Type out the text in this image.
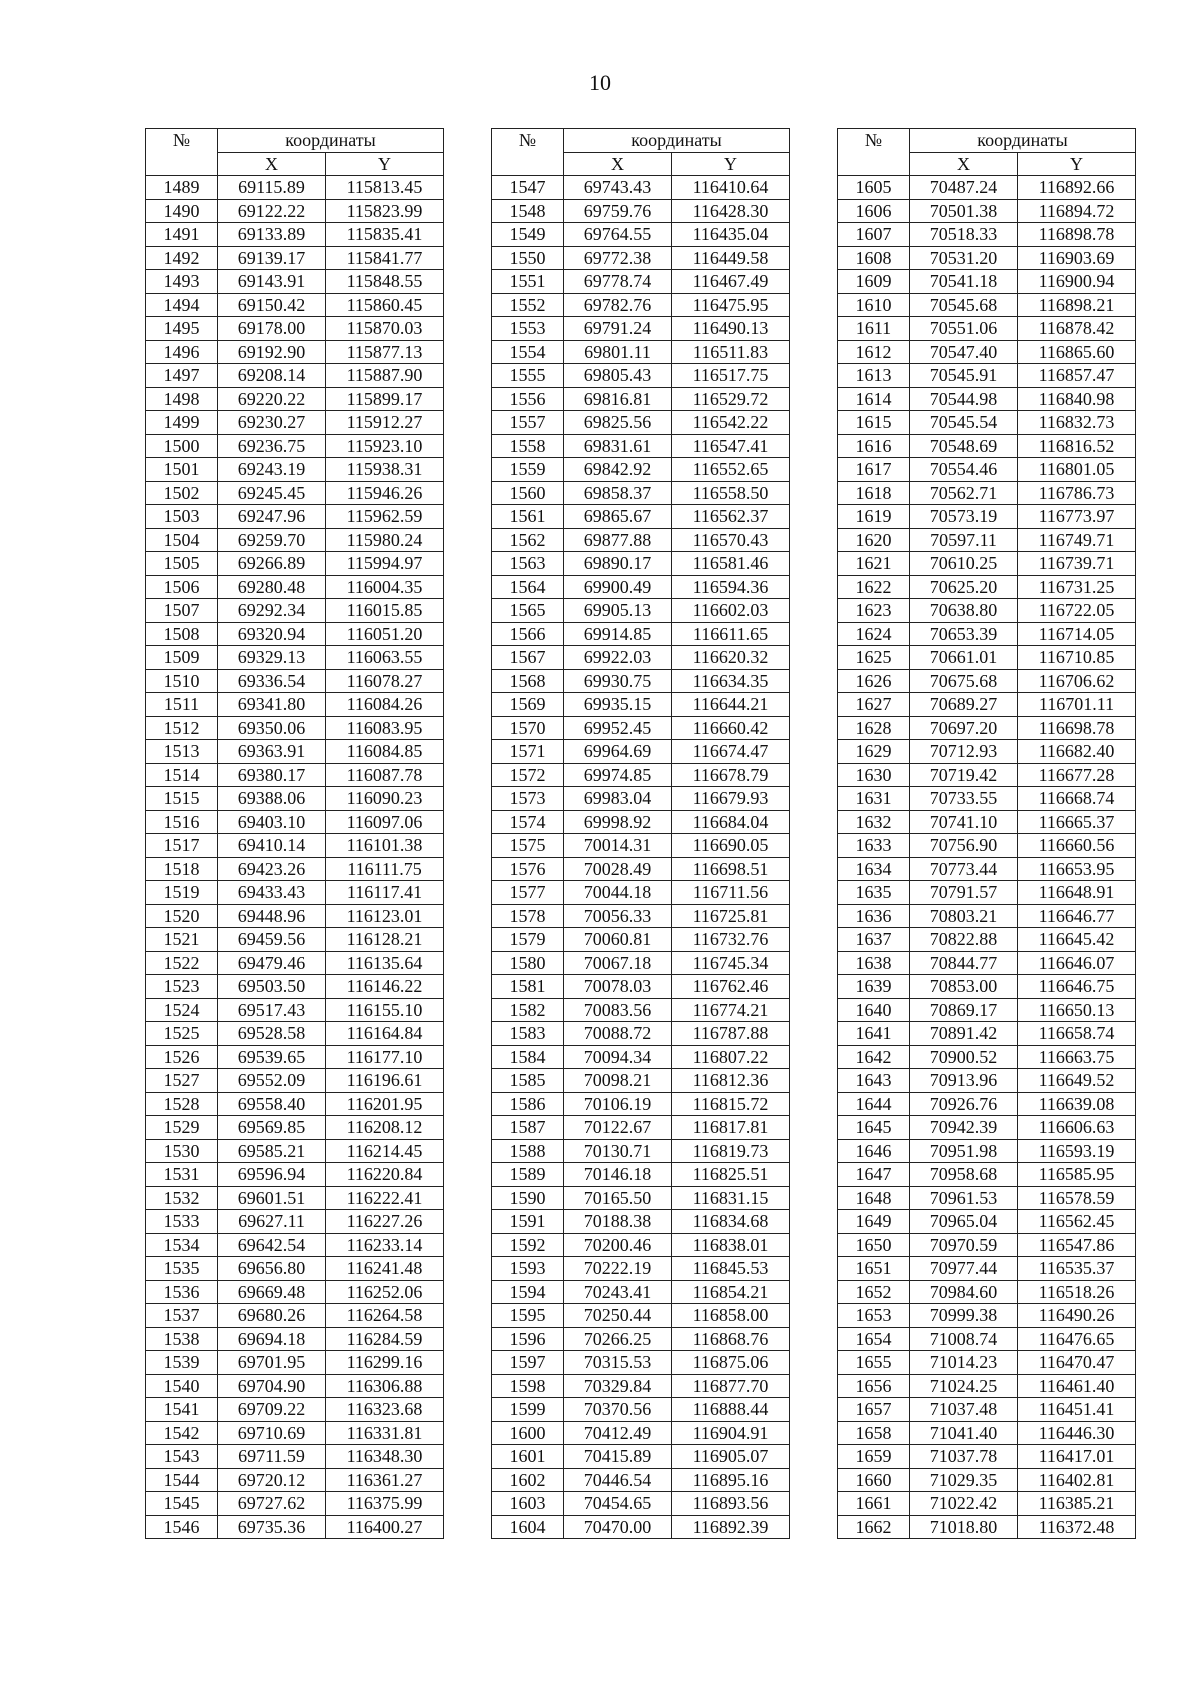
10
№	координаты	
	X	Y
1489	69115.89	115813.45
1490	69122.22	115823.99
1491	69133.89	115835.41
1492	69139.17	115841.77
1493	69143.91	115848.55
1494	69150.42	115860.45
1495	69178.00	115870.03
1496	69192.90	115877.13
1497	69208.14	115887.90
1498	69220.22	115899.17
1499	69230.27	115912.27
1500	69236.75	115923.10
1501	69243.19	115938.31
1502	69245.45	115946.26
1503	69247.96	115962.59
1504	69259.70	115980.24
1505	69266.89	115994.97
1506	69280.48	116004.35
1507	69292.34	116015.85
1508	69320.94	116051.20
1509	69329.13	116063.55
1510	69336.54	116078.27
1511	69341.80	116084.26
1512	69350.06	116083.95
1513	69363.91	116084.85
1514	69380.17	116087.78
1515	69388.06	116090.23
1516	69403.10	116097.06
1517	69410.14	116101.38
1518	69423.26	116111.75
1519	69433.43	116117.41
1520	69448.96	116123.01
1521	69459.56	116128.21
1522	69479.46	116135.64
1523	69503.50	116146.22
1524	69517.43	116155.10
1525	69528.58	116164.84
1526	69539.65	116177.10
1527	69552.09	116196.61
1528	69558.40	116201.95
1529	69569.85	116208.12
1530	69585.21	116214.45
1531	69596.94	116220.84
1532	69601.51	116222.41
1533	69627.11	116227.26
1534	69642.54	116233.14
1535	69656.80	116241.48
1536	69669.48	116252.06
1537	69680.26	116264.58
1538	69694.18	116284.59
1539	69701.95	116299.16
1540	69704.90	116306.88
1541	69709.22	116323.68
1542	69710.69	116331.81
1543	69711.59	116348.30
1544	69720.12	116361.27
1545	69727.62	116375.99
1546	69735.36	116400.27
№	координаты	
	X	Y
1547	69743.43	116410.64
1548	69759.76	116428.30
1549	69764.55	116435.04
1550	69772.38	116449.58
1551	69778.74	116467.49
1552	69782.76	116475.95
1553	69791.24	116490.13
1554	69801.11	116511.83
1555	69805.43	116517.75
1556	69816.81	116529.72
1557	69825.56	116542.22
1558	69831.61	116547.41
1559	69842.92	116552.65
1560	69858.37	116558.50
1561	69865.67	116562.37
1562	69877.88	116570.43
1563	69890.17	116581.46
1564	69900.49	116594.36
1565	69905.13	116602.03
1566	69914.85	116611.65
1567	69922.03	116620.32
1568	69930.75	116634.35
1569	69935.15	116644.21
1570	69952.45	116660.42
1571	69964.69	116674.47
1572	69974.85	116678.79
1573	69983.04	116679.93
1574	69998.92	116684.04
1575	70014.31	116690.05
1576	70028.49	116698.51
1577	70044.18	116711.56
1578	70056.33	116725.81
1579	70060.81	116732.76
1580	70067.18	116745.34
1581	70078.03	116762.46
1582	70083.56	116774.21
1583	70088.72	116787.88
1584	70094.34	116807.22
1585	70098.21	116812.36
1586	70106.19	116815.72
1587	70122.67	116817.81
1588	70130.71	116819.73
1589	70146.18	116825.51
1590	70165.50	116831.15
1591	70188.38	116834.68
1592	70200.46	116838.01
1593	70222.19	116845.53
1594	70243.41	116854.21
1595	70250.44	116858.00
1596	70266.25	116868.76
1597	70315.53	116875.06
1598	70329.84	116877.70
1599	70370.56	116888.44
1600	70412.49	116904.91
1601	70415.89	116905.07
1602	70446.54	116895.16
1603	70454.65	116893.56
1604	70470.00	116892.39
№	координаты	
	X	Y
1605	70487.24	116892.66
1606	70501.38	116894.72
1607	70518.33	116898.78
1608	70531.20	116903.69
1609	70541.18	116900.94
1610	70545.68	116898.21
1611	70551.06	116878.42
1612	70547.40	116865.60
1613	70545.91	116857.47
1614	70544.98	116840.98
1615	70545.54	116832.73
1616	70548.69	116816.52
1617	70554.46	116801.05
1618	70562.71	116786.73
1619	70573.19	116773.97
1620	70597.11	116749.71
1621	70610.25	116739.71
1622	70625.20	116731.25
1623	70638.80	116722.05
1624	70653.39	116714.05
1625	70661.01	116710.85
1626	70675.68	116706.62
1627	70689.27	116701.11
1628	70697.20	116698.78
1629	70712.93	116682.40
1630	70719.42	116677.28
1631	70733.55	116668.74
1632	70741.10	116665.37
1633	70756.90	116660.56
1634	70773.44	116653.95
1635	70791.57	116648.91
1636	70803.21	116646.77
1637	70822.88	116645.42
1638	70844.77	116646.07
1639	70853.00	116646.75
1640	70869.17	116650.13
1641	70891.42	116658.74
1642	70900.52	116663.75
1643	70913.96	116649.52
1644	70926.76	116639.08
1645	70942.39	116606.63
1646	70951.98	116593.19
1647	70958.68	116585.95
1648	70961.53	116578.59
1649	70965.04	116562.45
1650	70970.59	116547.86
1651	70977.44	116535.37
1652	70984.60	116518.26
1653	70999.38	116490.26
1654	71008.74	116476.65
1655	71014.23	116470.47
1656	71024.25	116461.40
1657	71037.48	116451.41
1658	71041.40	116446.30
1659	71037.78	116417.01
1660	71029.35	116402.81
1661	71022.42	116385.21
1662	71018.80	116372.48
